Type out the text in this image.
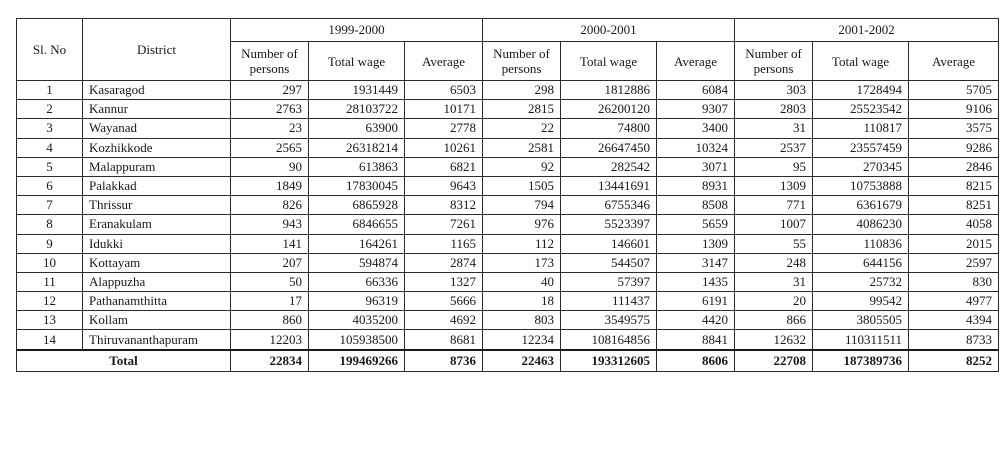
Sl. No	District	1999-2000			2000-2001			2001-2002		
		Number of persons	Total wage	Average	Number of persons	Total wage	Average	Number of persons	Total wage	Average
1	Kasaragod	297	1931449	6503	298	1812886	6084	303	1728494	5705
2	Kannur	2763	28103722	10171	2815	26200120	9307	2803	25523542	9106
3	Wayanad	23	63900	2778	22	74800	3400	31	110817	3575
4	Kozhikkode	2565	26318214	10261	2581	26647450	10324	2537	23557459	9286
5	Malappuram	90	613863	6821	92	282542	3071	95	270345	2846
6	Palakkad	1849	17830045	9643	1505	13441691	8931	1309	10753888	8215
7	Thrissur	826	6865928	8312	794	6755346	8508	771	6361679	8251
8	Eranakulam	943	6846655	7261	976	5523397	5659	1007	4086230	4058
9	Idukki	141	164261	1165	112	146601	1309	55	110836	2015
10	Kottayam	207	594874	2874	173	544507	3147	248	644156	2597
11	Alappuzha	50	66336	1327	40	57397	1435	31	25732	830
12	Pathanamthitta	17	96319	5666	18	111437	6191	20	99542	4977
13	Kollam	860	4035200	4692	803	3549575	4420	866	3805505	4394
14	Thiruvananthapuram	12203	105938500	8681	12234	108164856	8841	12632	110311511	8733
Total		22834	199469266	8736	22463	193312605	8606	22708	187389736	8252
